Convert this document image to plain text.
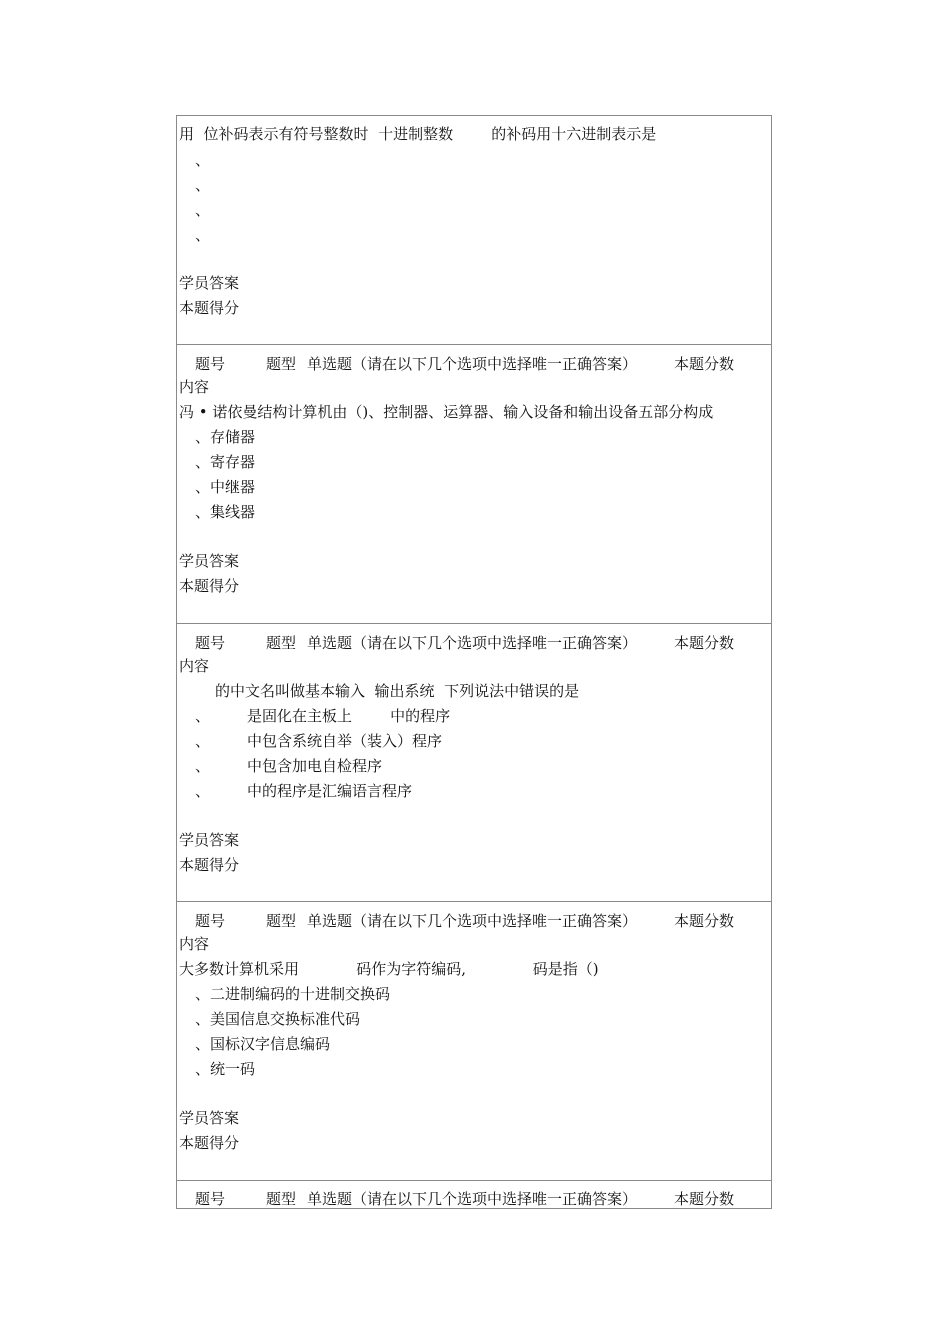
用  位补码表示有符号整数时  十进制整数        的补码用十六进制表示是
、
、
、
、
学员答案
本题得分
题号	题型 单选题（请在以下几个选项中选择唯一正确答案） 本题分数
内容
冯 • 诺依曼结构计算机由（)、控制器、运算器、输入设备和输出设备五部分构成
、存储器
、寄存器
、中继器
、集线器
学员答案
本题得分
题号	题型 单选题（请在以下几个选项中选择唯一正确答案） 本题分数
内容
的中文名叫做基本输入  输出系统  下列说法中错误的是
、 是固化在主板上        中的程序
、 中包含系统自举（装入）程序
、 中包含加电自检程序
、 中的程序是汇编语言程序
学员答案
本题得分
题号	题型 单选题（请在以下几个选项中选择唯一正确答案） 本题分数
内容
大多数计算机采用            码作为字符编码,              码是指（)
、二进制编码的十进制交换码
、美国信息交换标准代码
、国标汉字信息编码
、统一码
学员答案
本题得分
题号	题型 单选题（请在以下几个选项中选择唯一正确答案） 本题分数
